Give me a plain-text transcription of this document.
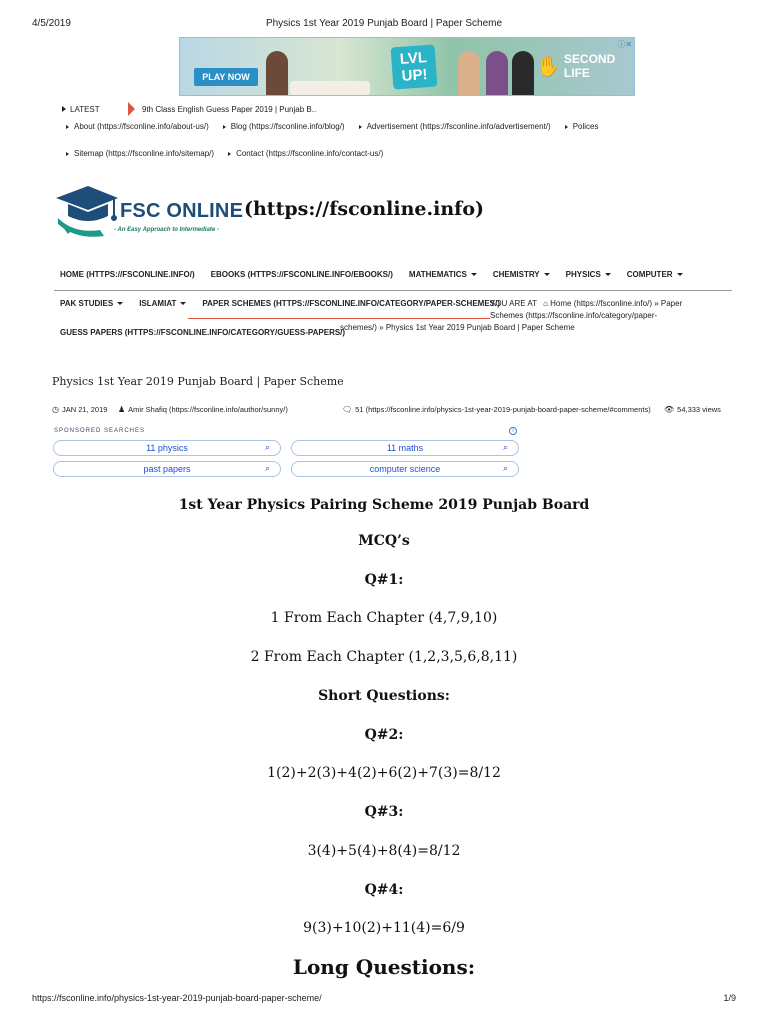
4/5/2019	Physics 1st Year 2019 Punjab Board | Paper Scheme
PLAY NOW
LVL UP!	✋ SECOND LIFE
ⓘ✕
LATEST	9th Class English Guess Paper 2019 | Punjab B..
About (https://fsconline.info/about-us/)	Blog (https://fsconline.info/blog/)	Advertisement (https://fsconline.info/advertisement/)	Polices
Sitemap (https://fsconline.info/sitemap/)	Contact (https://fsconline.info/contact-us/)
FSC ONLINE (https://fsconline.info)
- An Easy Approach to Intermediate -
HOME (HTTPS://FSCONLINE.INFO/) EBOOKS (HTTPS://FSCONLINE.INFO/EBOOKS/) MATHEMATICS	CHEMISTRY	PHYSICS	COMPUTER
PAK STUDIES	ISLAMIAT	PAPER SCHEMES (HTTPS://FSCONLINE.INFO/CATEGORY/PAPER-SCHEMES/)
GUESS PAPERS (HTTPS://FSCONLINE.INFO/CATEGORY/GUESS-PAPERS/)
YOU ARE AT ⌂ Home (https://fsconline.info/) » Paper
Schemes (https://fsconline.info/category/paper-
schemes/) » Physics 1st Year 2019 Punjab Board | Paper Scheme
Physics 1st Year 2019 Punjab Board | Paper Scheme
◷ JAN 21, 2019 ♟ Amir Shafiq (https://fsconline.info/author/sunny/)	🗨 51 (https://fsconline.info/physics-1st-year-2019-punjab-board-paper-scheme/#comments) 👁 54,333 views
SPONSORED SEARCHES	i
11 physics	⌕	11 maths	⌕
past papers	⌕	computer science	⌕
1st Year Physics Pairing Scheme 2019 Punjab Board
MCQ’s
Q#1:
1 From Each Chapter (4,7,9,10)
2 From Each Chapter (1,2,3,5,6,8,11)
Short Questions:
Q#2:
1(2)+2(3)+4(2)+6(2)+7(3)=8/12
Q#3:
3(4)+5(4)+8(4)=8/12
Q#4:
9(3)+10(2)+11(4)=6/9
Long Questions:
https://fsconline.info/physics-1st-year-2019-punjab-board-paper-scheme/	1/9
